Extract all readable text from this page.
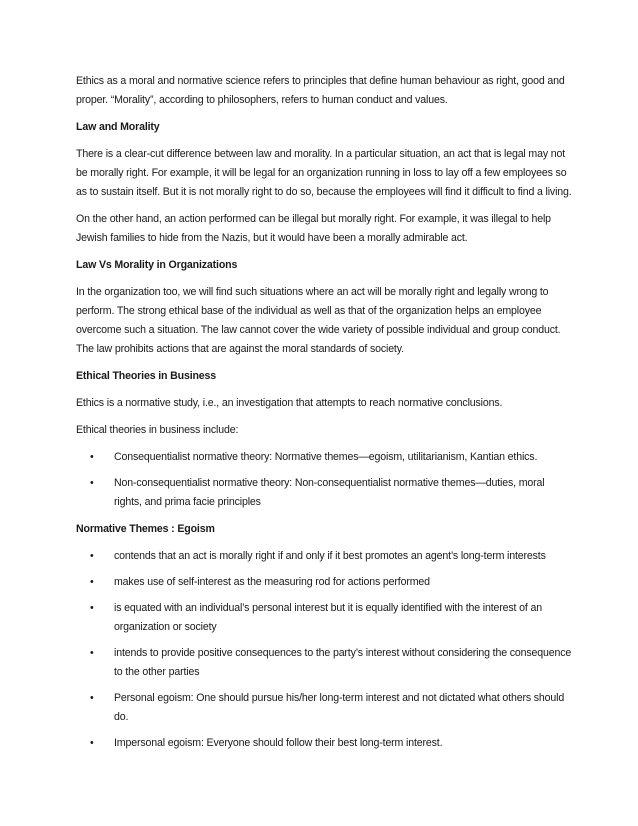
Ethics as a moral and normative science refers to principles that define human behaviour as right, good and proper. “Morality”, according to philosophers, refers to human conduct and values.

Law and Morality

There is a clear-cut difference between law and morality. In a particular situation, an act that is legal may not be morally right. For example, it will be legal for an organization running in loss to lay off a few employees so as to sustain itself. But it is not morally right to do so, because the employees will find it difficult to find a living.

On the other hand, an action performed can be illegal but morally right. For example, it was illegal to help Jewish families to hide from the Nazis, but it would have been a morally admirable act.

Law Vs Morality in Organizations

In the organization too, we will find such situations where an act will be morally right and legally wrong to perform. The strong ethical base of the individual as well as that of the organization helps an employee overcome such a situation. The law cannot cover the wide variety of possible individual and group conduct. The law prohibits actions that are against the moral standards of society.

Ethical Theories in Business

Ethics is a normative study, i.e., an investigation that attempts to reach normative conclusions.

Ethical theories in business include:

• Consequentialist normative theory: Normative themes—egoism, utilitarianism, Kantian ethics.
• Non-consequentialist normative theory: Non-consequentialist normative themes—duties, moral rights, and prima facie principles
Normative Themes : Egoism
• contends that an act is morally right if and only if it best promotes an agent’s long-term interests
• makes use of self-interest as the measuring rod for actions performed
• is equated with an individual’s personal interest but it is equally identified with the interest of an organization or society
• intends to provide positive consequences to the party’s interest without considering the consequence to the other parties
• Personal egoism: One should pursue his/her long-term interest and not dictated what others should do.
• Impersonal egoism: Everyone should follow their best long-term interest.
